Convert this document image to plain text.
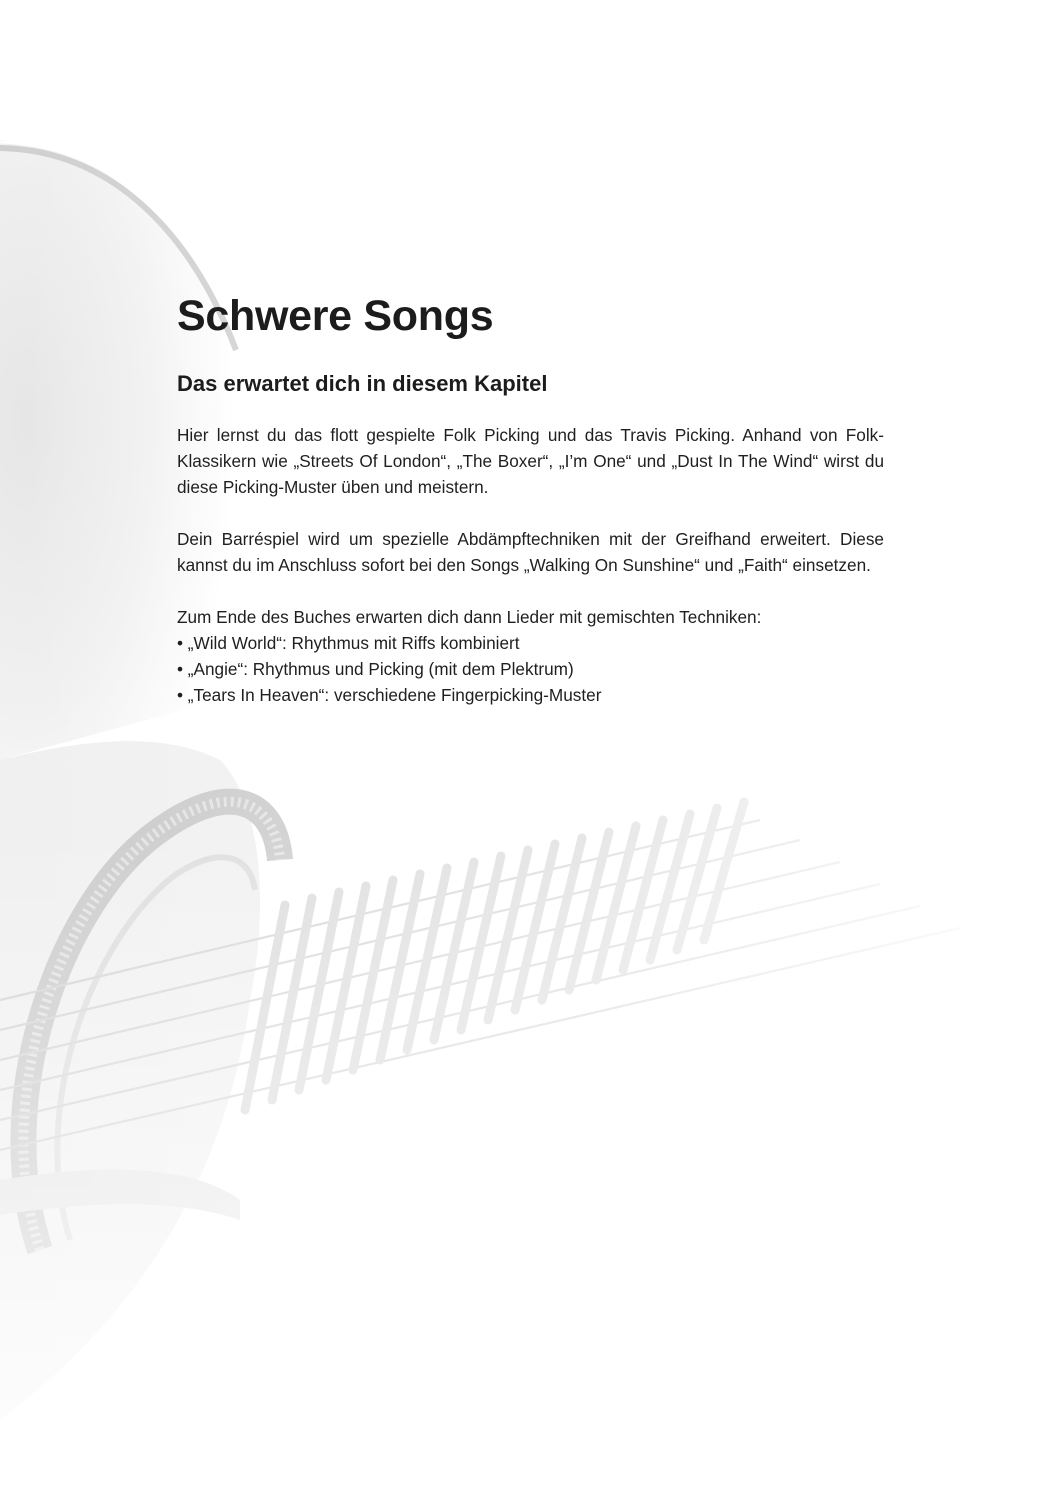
Schwere Songs
Das erwartet dich in diesem Kapitel

Hier lernst du das flott gespielte Folk Picking und das Travis Picking. Anhand von Folk-Klassikern wie „Streets Of London“, „The Boxer“, „I’m One“ und „Dust In The Wind“ wirst du diese Picking-Muster üben und meistern.

Dein Barréspiel wird um spezielle Abdämpftechniken mit der Greifhand erweitert. Diese kannst du im Anschluss sofort bei den Songs „Walking On Sunshine“ und „Faith“ einsetzen.

Zum Ende des Buches erwarten dich dann Lieder mit gemischten Techniken:

• „Wild World“: Rhythmus mit Riffs kombiniert
• „Angie“: Rhythmus und Picking (mit dem Plektrum)
• „Tears In Heaven“: verschiedene Fingerpicking-Muster
